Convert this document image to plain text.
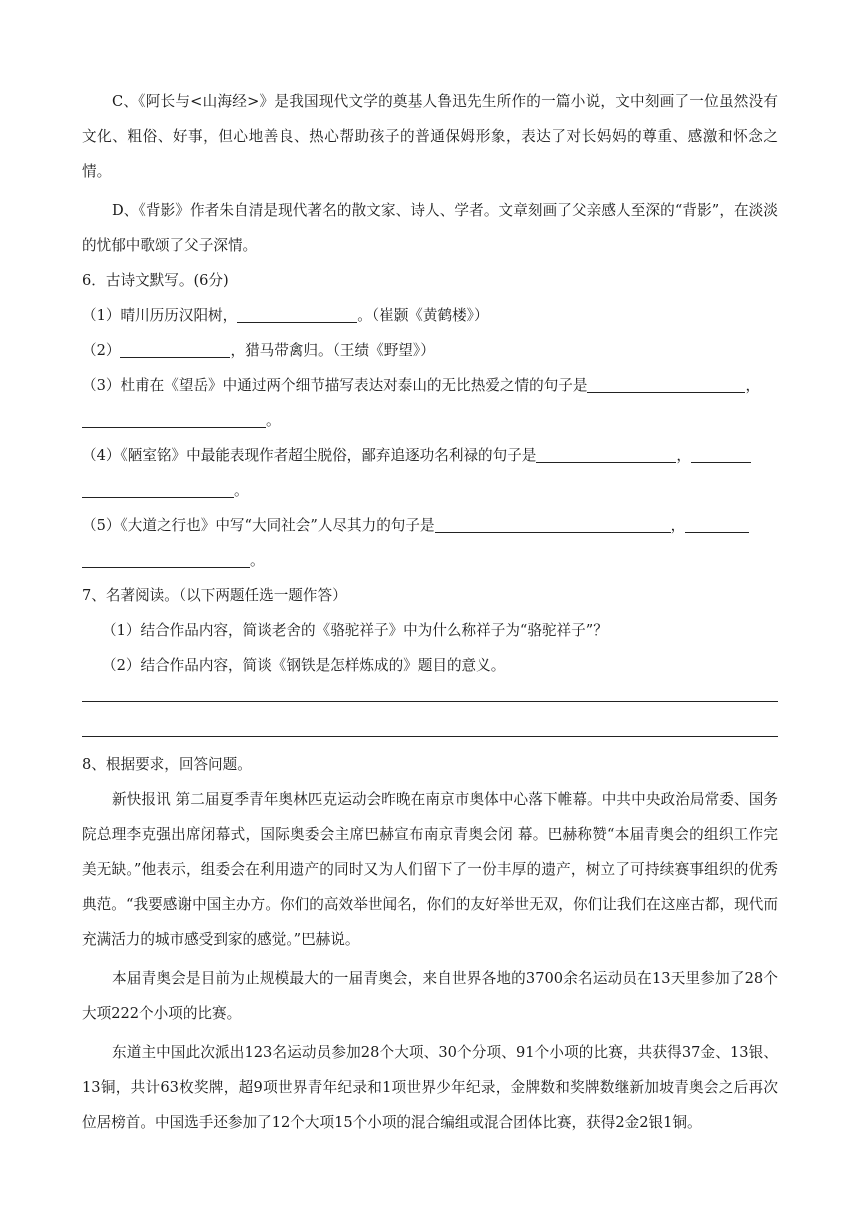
C、《阿长与<山海经>》是我国现代文学的奠基人鲁迅先生所作的一篇小说，文中刻画了一位虽然没有文化、粗俗、好事，但心地善良、热心帮助孩子的普通保姆形象，表达了对长妈妈的尊重、感激和怀念之情。

D、《背影》作者朱自清是现代著名的散文家、诗人、学者。文章刻画了父亲感人至深的“背影”，在淡淡的忧郁中歌颂了父子深情。

6．古诗文默写。(6分)

（1）晴川历历汉阳树，	。（崔颢《黄鹤楼》）

（2）	，猎马带禽归。（王绩《野望》）

（3）杜甫在《望岳》中通过两个细节描写表达对泰山的无比热爱之情的句子是	，

。

（4）《陋室铭》中最能表现作者超尘脱俗，鄙弃追逐功名利禄的句子是	，

。

（5）《大道之行也》中写“大同社会”人尽其力的句子是	，

。

7、名著阅读。（以下两题任选一题作答）

（1）结合作品内容，简谈老舍的《骆驼祥子》中为什么称祥子为“骆驼祥子”？

（2）结合作品内容，简谈《钢铁是怎样炼成的》题目的意义。

8、根据要求，回答问题。

新快报讯 第二届夏季青年奥林匹克运动会昨晚在南京市奥体中心落下帷幕。中共中央政治局常委、国务院总理李克强出席闭幕式，国际奥委会主席巴赫宣布南京青奥会闭 幕。巴赫称赞“本届青奥会的组织工作完美无缺。”他表示，组委会在利用遗产的同时又为人们留下了一份丰厚的遗产，树立了可持续赛事组织的优秀典范。“我要感谢中国主办方。你们的高效举世闻名，你们的友好举世无双，你们让我们在这座古都，现代而充满活力的城市感受到家的感觉。”巴赫说。

本届青奥会是目前为止规模最大的一届青奥会，来自世界各地的3700余名运动员在13天里参加了28个大项222个小项的比赛。

东道主中国此次派出123名运动员参加28个大项、30个分项、91个小项的比赛，共获得37金、13银、13铜，共计63枚奖牌，超9项世界青年纪录和1项世界少年纪录，金牌数和奖牌数继新加坡青奥会之后再次位居榜首。中国选手还参加了12个大项15个小项的混合编组或混合团体比赛，获得2金2银1铜。
